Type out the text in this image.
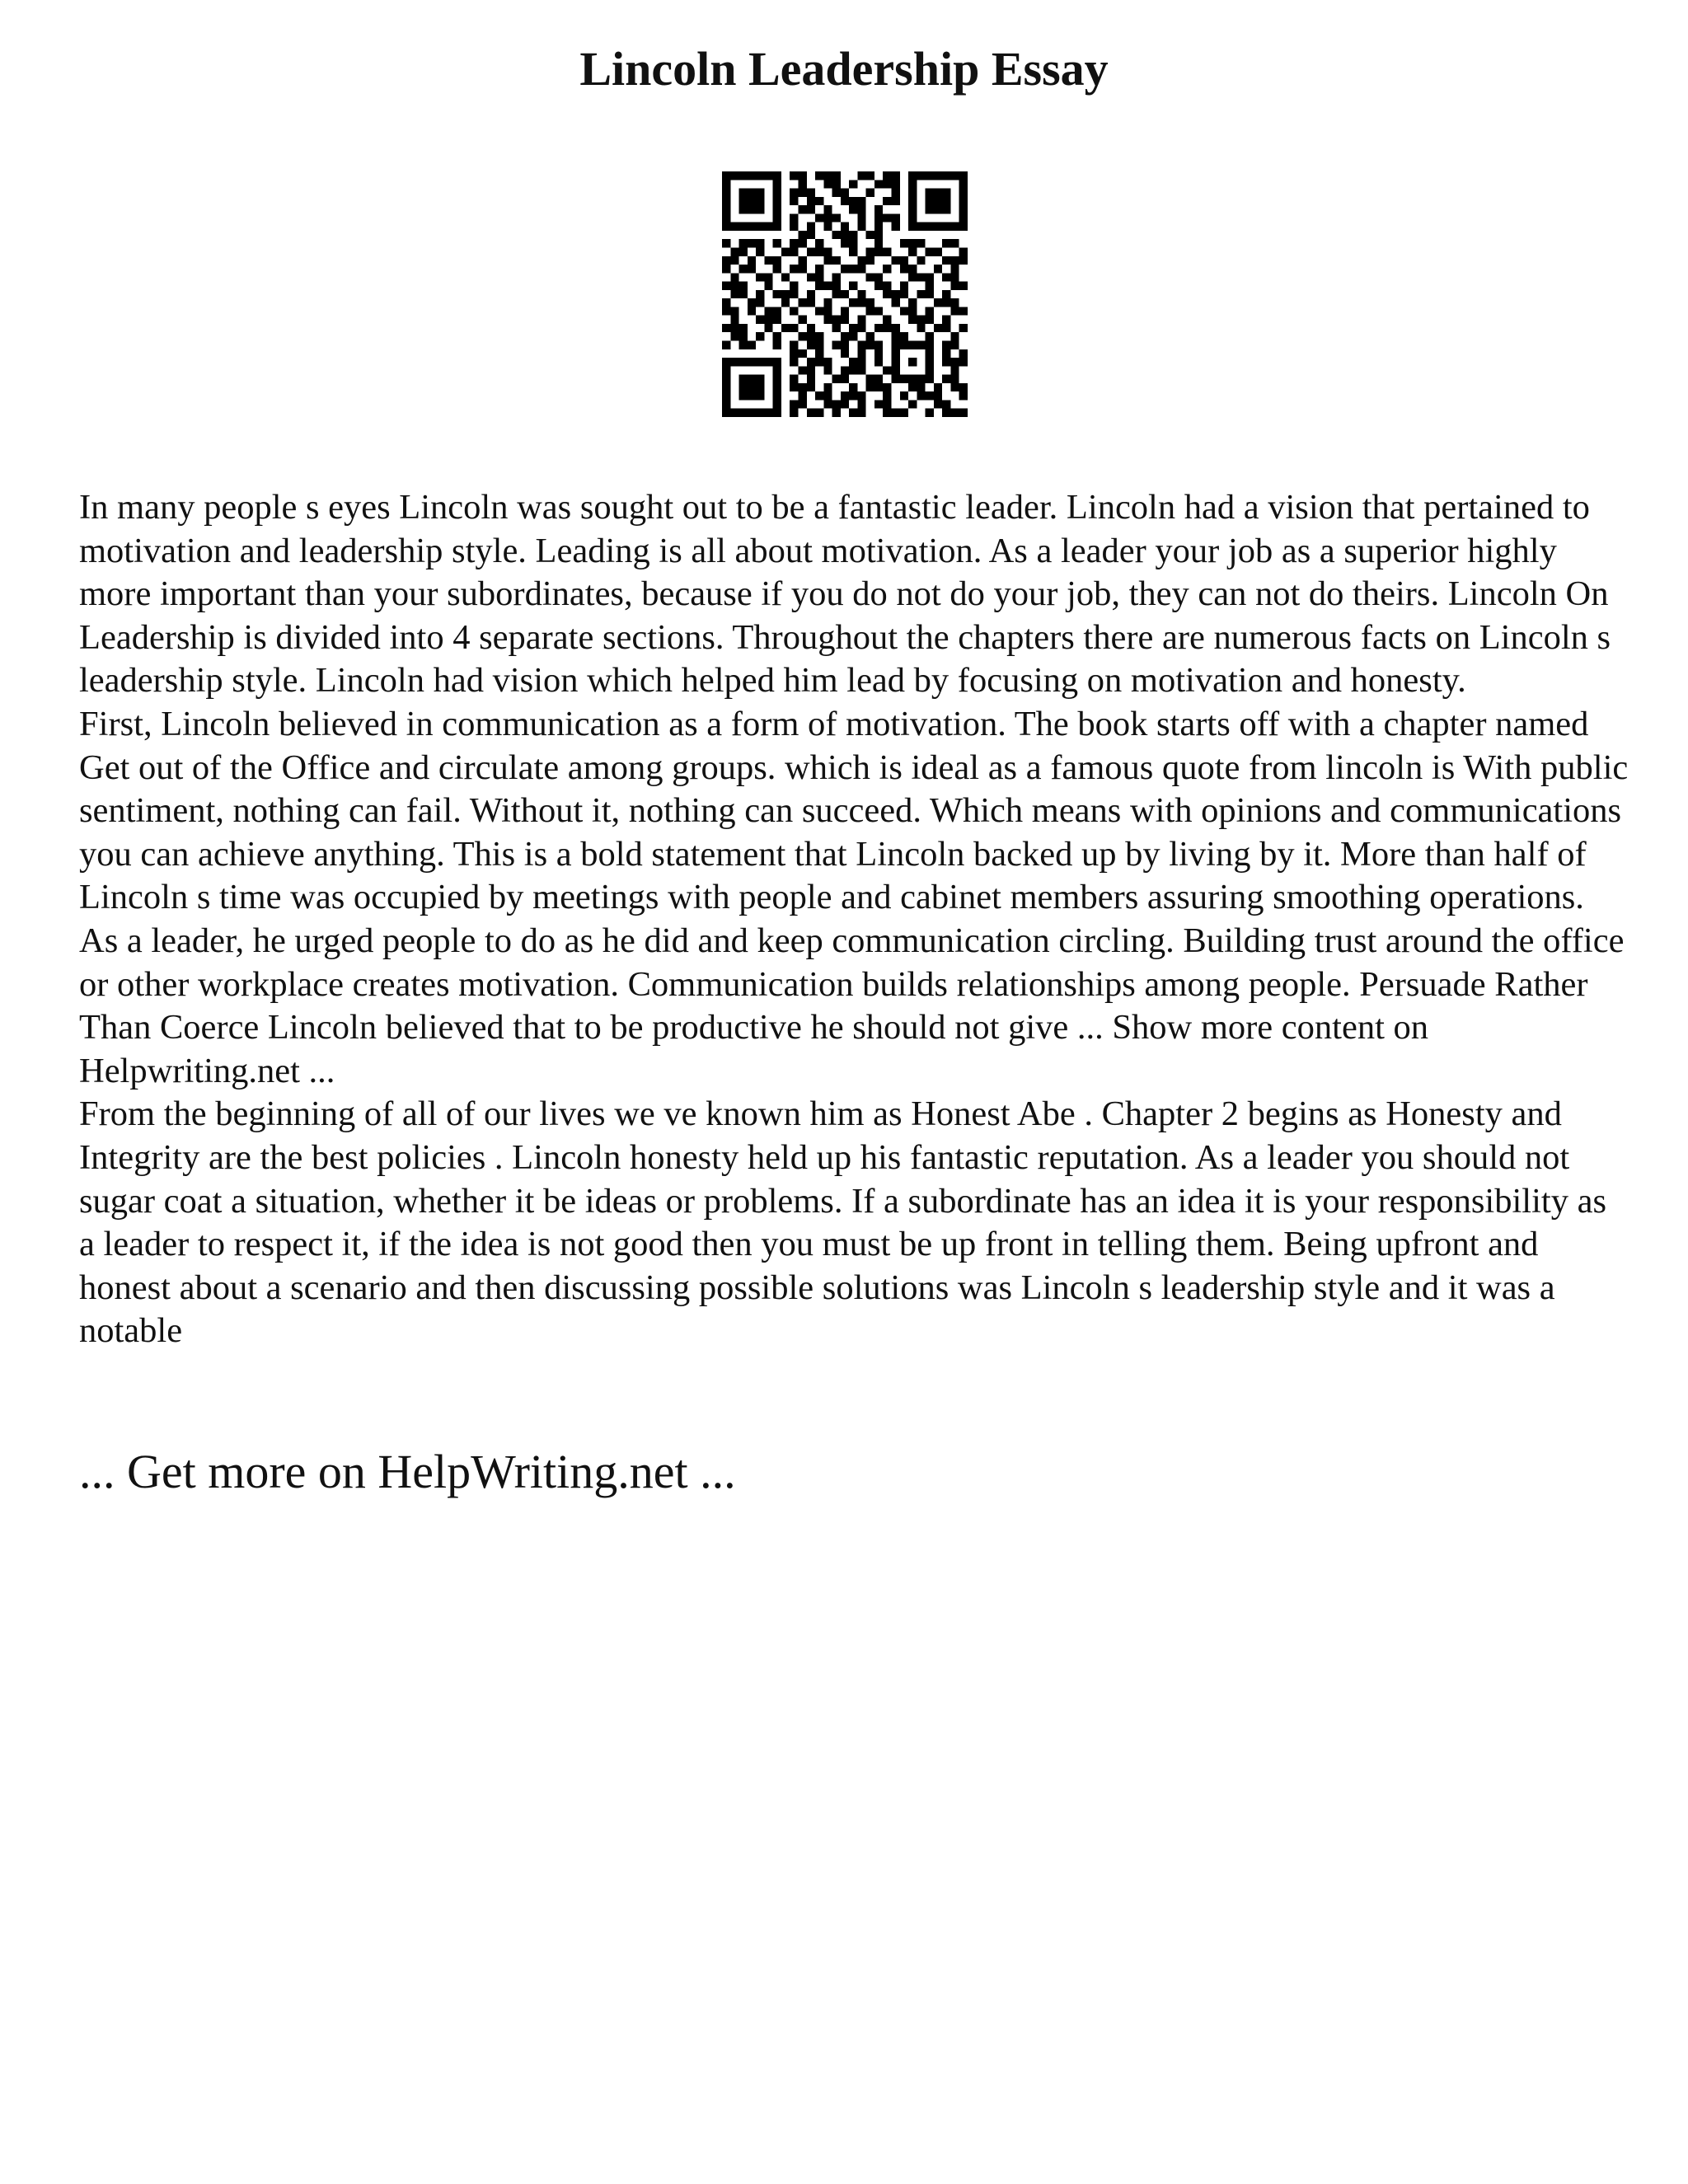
Lincoln Leadership Essay

In many people s eyes Lincoln was sought out to be a fantastic leader. Lincoln had a vision that pertained to motivation and leadership style. Leading is all about motivation. As a leader your job as a superior highly more important than your subordinates, because if you do not do your job, they can not do theirs. Lincoln On Leadership is divided into 4 separate sections. Throughout the chapters there are numerous facts on Lincoln s leadership style. Lincoln had vision which helped him lead by focusing on motivation and honesty.

First, Lincoln believed in communication as a form of motivation. The book starts off with a chapter named Get out of the Office and circulate among groups. which is ideal as a famous quote from lincoln is With public sentiment, nothing can fail. Without it, nothing can succeed. Which means with opinions and communications you can achieve anything. This is a bold statement that Lincoln backed up by living by it. More than half of Lincoln s time was occupied by meetings with people and cabinet members assuring smoothing operations. As a leader, he urged people to do as he did and keep communication circling. Building trust around the office or other workplace creates motivation. Communication builds relationships among people. Persuade Rather Than Coerce Lincoln believed that to be productive he should not give ... Show more content on Helpwriting.net ...

From the beginning of all of our lives we ve known him as Honest Abe . Chapter 2 begins as Honesty and Integrity are the best policies . Lincoln honesty held up his fantastic reputation. As a leader you should not sugar coat a situation, whether it be ideas or problems. If a subordinate has an idea it is your responsibility as a leader to respect it, if the idea is not good then you must be up front in telling them. Being upfront and honest about a scenario and then discussing possible solutions was Lincoln s leadership style and it was a notable

... Get more on HelpWriting.net ...
